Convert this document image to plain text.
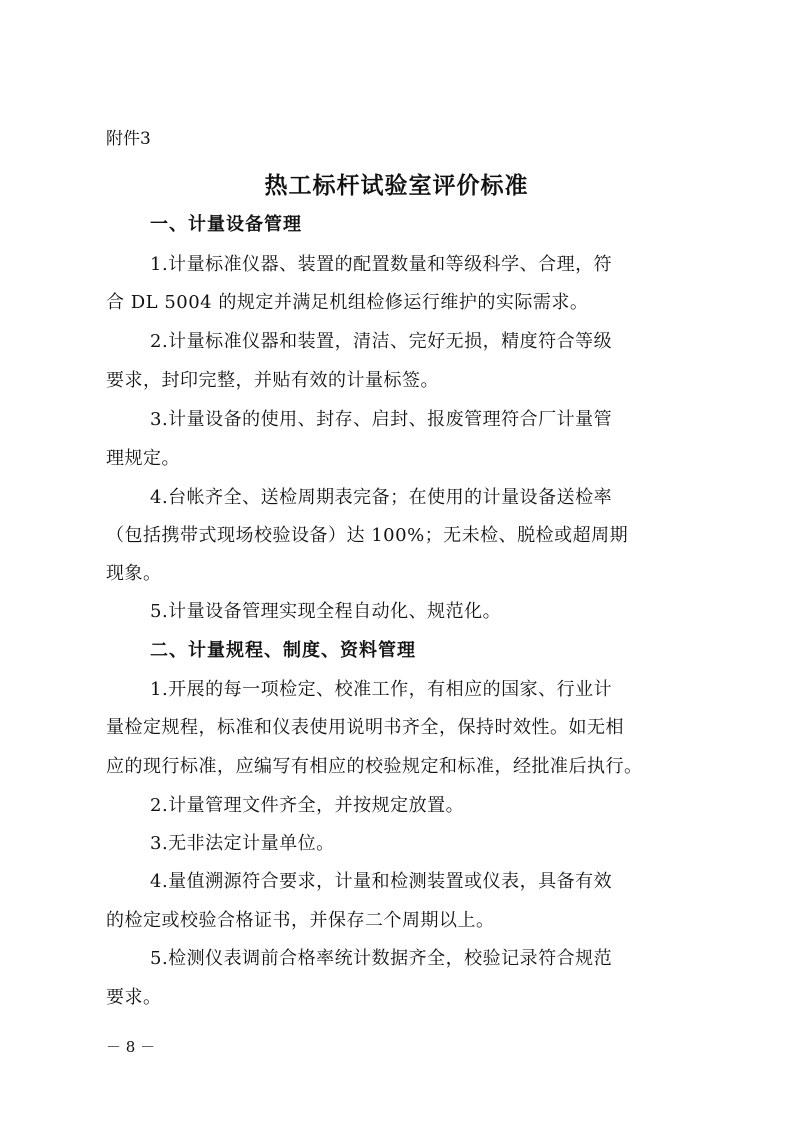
附件3
热工标杆试验室评价标准
一、计量设备管理
1.计量标准仪器、装置的配置数量和等级科学、合理，符
合 DL 5004 的规定并满足机组检修运行维护的实际需求。
2.计量标准仪器和装置，清洁、完好无损，精度符合等级
要求，封印完整，并贴有效的计量标签。
3.计量设备的使用、封存、启封、报废管理符合厂计量管
理规定。
4.台帐齐全、送检周期表完备；在使用的计量设备送检率
（包括携带式现场校验设备）达 100%；无未检、脱检或超周期
现象。
5.计量设备管理实现全程自动化、规范化。
二、计量规程、制度、资料管理
1.开展的每一项检定、校准工作，有相应的国家、行业计
量检定规程，标准和仪表使用说明书齐全，保持时效性。如无相
应的现行标准，应编写有相应的校验规定和标准，经批准后执行。
2.计量管理文件齐全，并按规定放置。
3.无非法定计量单位。
4.量值溯源符合要求，计量和检测装置或仪表，具备有效
的检定或校验合格证书，并保存二个周期以上。
5.检测仪表调前合格率统计数据齐全，校验记录符合规范
要求。
－ 8 －
